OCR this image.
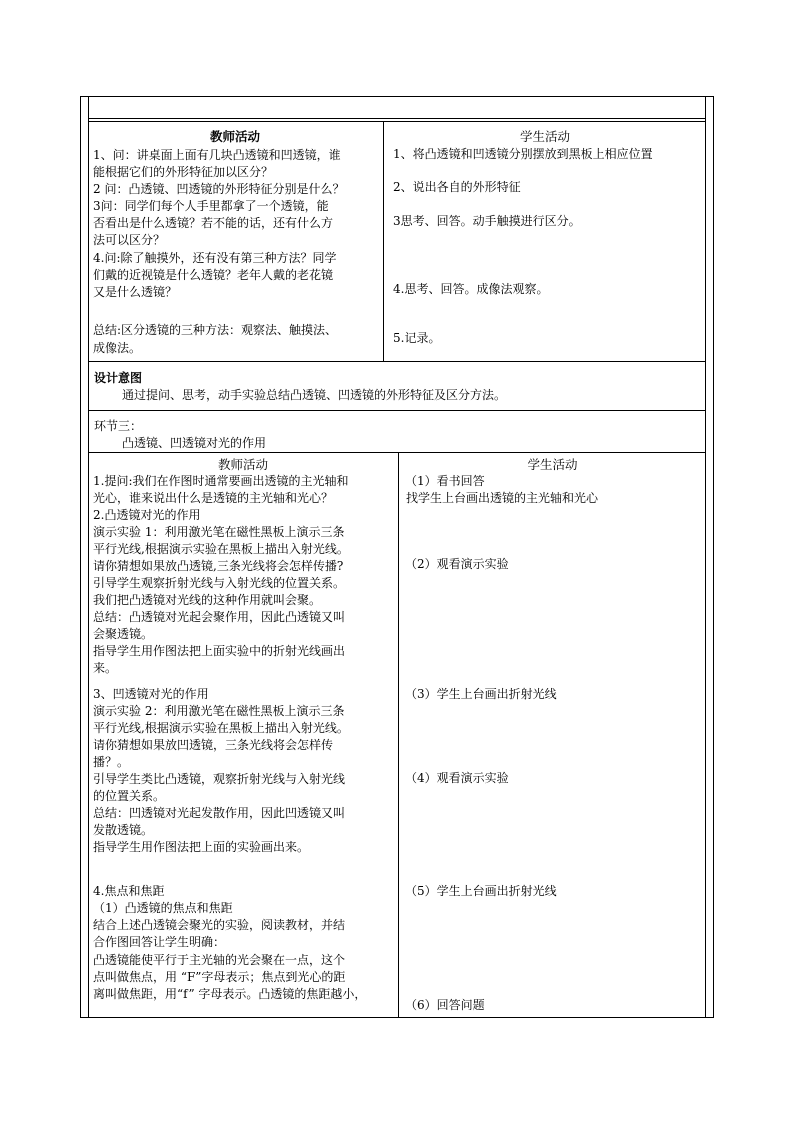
教师活动	学生活动
1、问：讲桌面上面有几块凸透镜和凹透镜，谁
能根据它们的外形特征加以区分？
2 问：凸透镜、凹透镜的外形特征分别是什么？
3问：同学们每个人手里都拿了一个透镜，能
否看出是什么透镜？若不能的话，还有什么方
法可以区分？
4.问:除了触摸外，还有没有第三种方法？同学
们戴的近视镜是什么透镜？老年人戴的老花镜
又是什么透镜？
总结:区分透镜的三种方法：观察法、触摸法、
成像法。
1、将凸透镜和凹透镜分别摆放到黑板上相应位置
2、说出各自的外形特征
3思考、回答。动手触摸进行区分。
4.思考、回答。成像法观察。
5.记录。
设计意图
通过提问、思考，动手实验总结凸透镜、凹透镜的外形特征及区分方法。
环节三：
凸透镜、凹透镜对光的作用
教师活动	学生活动
1.提问:我们在作图时通常要画出透镜的主光轴和
光心，谁来说出什么是透镜的主光轴和光心？
2.凸透镜对光的作用
演示实验 1：利用激光笔在磁性黑板上演示三条
平行光线,根据演示实验在黑板上描出入射光线。
请你猜想如果放凸透镜,三条光线将会怎样传播?
引导学生观察折射光线与入射光线的位置关系。
我们把凸透镜对光线的这种作用就叫会聚。
总结：凸透镜对光起会聚作用，因此凸透镜又叫
会聚透镜。
指导学生用作图法把上面实验中的折射光线画出
来。
3、凹透镜对光的作用
演示实验 2：利用激光笔在磁性黑板上演示三条
平行光线,根据演示实验在黑板上描出入射光线。
请你猜想如果放凹透镜，三条光线将会怎样传
播？。
引导学生类比凸透镜，观察折射光线与入射光线
的位置关系。
总结：凹透镜对光起发散作用，因此凹透镜又叫
发散透镜。
指导学生用作图法把上面的实验画出来。
4.焦点和焦距
（1）凸透镜的焦点和焦距
结合上述凸透镜会聚光的实验，阅读教材，并结
合作图回答让学生明确：
凸透镜能使平行于主光轴的光会聚在一点，这个
点叫做焦点，用 “F”字母表示；焦点到光心的距
离叫做焦距，用“f” 字母表示。凸透镜的焦距越小，
（1）看书回答
找学生上台画出透镜的主光轴和光心
（2）观看演示实验
（3）学生上台画出折射光线
（4）观看演示实验
（5）学生上台画出折射光线
（6）回答问题
